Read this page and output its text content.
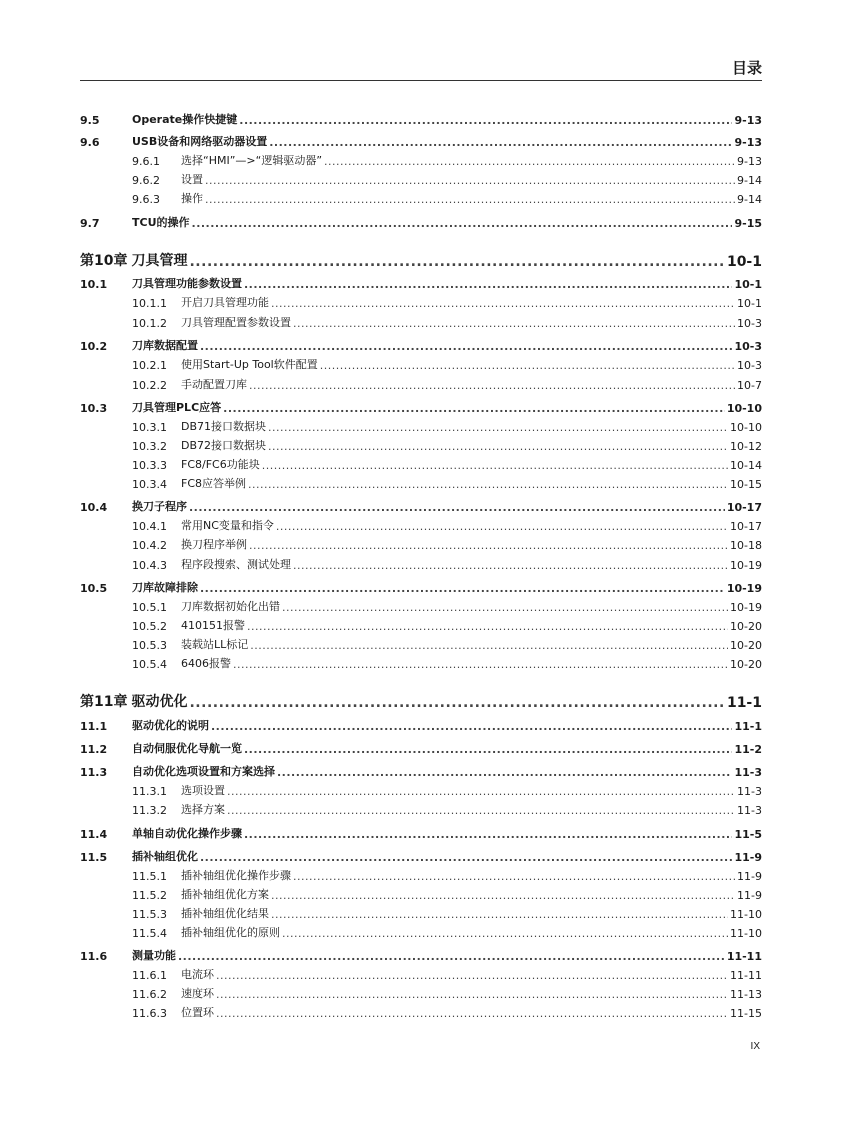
目录
9.5	Operate操作快捷键 .....	9-13
9.6	USB设备和网络驱动器设置 .....	9-13
9.6.1	选择“HMI”—>“逻辑驱动器” .....	9-13
9.6.2	设置 .....	9-14
9.6.3	操作 .....	9-14
9.7	TCU的操作 .....	9-15
第10章 刀具管理 .....	10-1
10.1	刀具管理功能参数设置 .....	10-1
10.1.1	开启刀具管理功能 .....	10-1
10.1.2	刀具管理配置参数设置 .....	10-3
10.2	刀库数据配置 .....	10-3
10.2.1	使用Start-Up Tool软件配置 .....	10-3
10.2.2	手动配置刀库 .....	10-7
10.3	刀具管理PLC应答 .....	10-10
10.3.1	DB71接口数据块 .....	10-10
10.3.2	DB72接口数据块 .....	10-12
10.3.3	FC8/FC6功能块 .....	10-14
10.3.4	FC8应答举例 .....	10-15
10.4	换刀子程序 .....	10-17
10.4.1	常用NC变量和指令 .....	10-17
10.4.2	换刀程序举例 .....	10-18
10.4.3	程序段搜索、测试处理 .....	10-19
10.5	刀库故障排除 .....	10-19
10.5.1	刀库数据初始化出错 .....	10-19
10.5.2	410151报警 .....	10-20
10.5.3	装载站LL标记 .....	10-20
10.5.4	6406报警 .....	10-20
第11章 驱动优化 .....	11-1
11.1	驱动优化的说明 .....	11-1
11.2	自动伺服优化导航一览 .....	11-2
11.3	自动优化选项设置和方案选择 .....	11-3
11.3.1	选项设置 .....	11-3
11.3.2	选择方案 .....	11-3
11.4	单轴自动优化操作步骤 .....	11-5
11.5	插补轴组优化 .....	11-9
11.5.1	插补轴组优化操作步骤 .....	11-9
11.5.2	插补轴组优化方案 .....	11-9
11.5.3	插补轴组优化结果 .....	11-10
11.5.4	插补轴组优化的原则 .....	11-10
11.6	测量功能 .....	11-11
11.6.1	电流环 .....	11-11
11.6.2	速度环 .....	11-13
11.6.3	位置环 .....	11-15
IX
